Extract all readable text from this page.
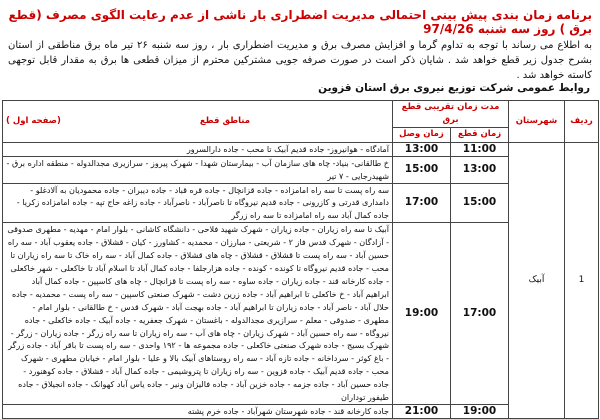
برنامه زمان بندی پیش بینی احتمالی مدیریت اضطراری بار ناشی از عدم رعایت الگوی مصرف (قطع برق ) روز سه شنبه 97/4/26
به اطلاع می رساند با توجه به تداوم گرما و افزایش مصرف برق و مدیریت اضطراری بار ، روز سه شنبه ۲۶ تیر ماه برق مناطقی از استان بشرح جدول زیر قطع خواهد شد . شایان ذکر است در صورت صرفه جویی مشترکین محترم از میزان قطعی ها برق به مقدار قابل توجهی کاسته خواهد شد .
روابط عمومی شرکت توزیع نیروی برق استان قزوین
ردیف	شهرستان	مدت زمان تقریبی قطع برق		مناطق قطع
(صفحه اول )

		زمان قطع	زمان وصل	
1	آبیک	11:00	13:00	آمادگاه - هوانیروز- جاده قدیم آبیک تا محب - جاده دارالسرور
		13:00	15:00	خ طالقانی- بنیاد- چاه های سازمان آب - بیمارستان شهدا - شهرک پیروز - سرازیری مجدالدوله - منطقه اداره برق - شهیدرجایی - ۷ تیر
		15:00	17:00	سه راه پست تا سه راه امامزاده - جاده قزانچال - جاده قره قباد - جاده دیبران - جاده محمودیان به آلادغلو - دامداری قدرتی و کازرونی - جاده قدیم نیروگاه تا ناصرآباد - ناصرآباد - جاده زاغه حاج تپه - جاده امامزاده زکریا - جاده کمال آباد سه راه امامزاده تا سه راه زرگر
		17:00	19:00	آبیک تا سه راه زیاران - جاده زیاران - شهرک شهید فلاحی - دانشگاه کاشانی - بلوار امام - مهدیه - مطهری صدوقی - آزادگان - شهرک قدس فاز ۲ - شریعتی - مبارزان - محمدیه - کشاورز - کیان - قشلاق - جاده یعقوب آباد - سه راه حسین آباد - سه راه پست تا قشلاق - قشلاق - چاه های قشلاق - جاده کمال آباد - سه راه خاک تا سه راه زیاران تا محب - جاده قدیم نیروگاه تا کونده - کونده - جاده هزارجلفا - جاده کمال آباد تا اسلام آباد تا خاکعلی - شهر خاکعلی - جاده کارخانه قند - جاده زیاران - جاده ساوه - سه راه پست تا قزانچال - چاه های کاسپین - جاده کمال آباد ابراهیم آباد - خ خاکعلی تا ابراهیم آباد - جاده زرین دشت - شهرک صنعتی کاسپین - سه راه پست - محمدیه - جاده حلال آباد - ناصر آباد - جاده زیاران تا ابراهیم آباد - جاده بهجت آباد - شهرک قدس - خ طالقانی - بلوار امام - مطهری - صدوقی - معلم - سرازیری مجدالدوله - باغستان - شهرک جعفریه - جاده آبیک - جاده خاکعلی - جاده نیروگاه - سه راه حسین آباد - شهرک زیاران - چاه های آب - سه راه زیاران تا سه راه زرگر - جاده زیاران - زرگر - شهرک بسیج - جاده شهرک صنعتی خاکعلی - جاده مجموعه ها - ۱۹۲ واحدی - سه راه پست تا باقر آباد - جاده زرگر - باغ کوثر - سرداخانه - جاده تازه آباد - سه راه روستاهای آبیک بالا و علیا - بلوار امام - خیابان مطهری - شهرک محب - جاده قدیم آبیک - جاده قزوین - سه راه زیاران تا پتروشیمی - جاده کمال آباد - قشلاق - جاده کوهنورد - جاده حسین آباد - جاده جزمه - جاده خزین آباد - جاده فالیزان ونیر - جاده یاس آباد کهوانک - جاده انجیلاق - جاده طیفور توداران
		19:00	21:00	جاده کارخانه قند - جاده شهرستان شهرآباد - جاده خرم پشته
